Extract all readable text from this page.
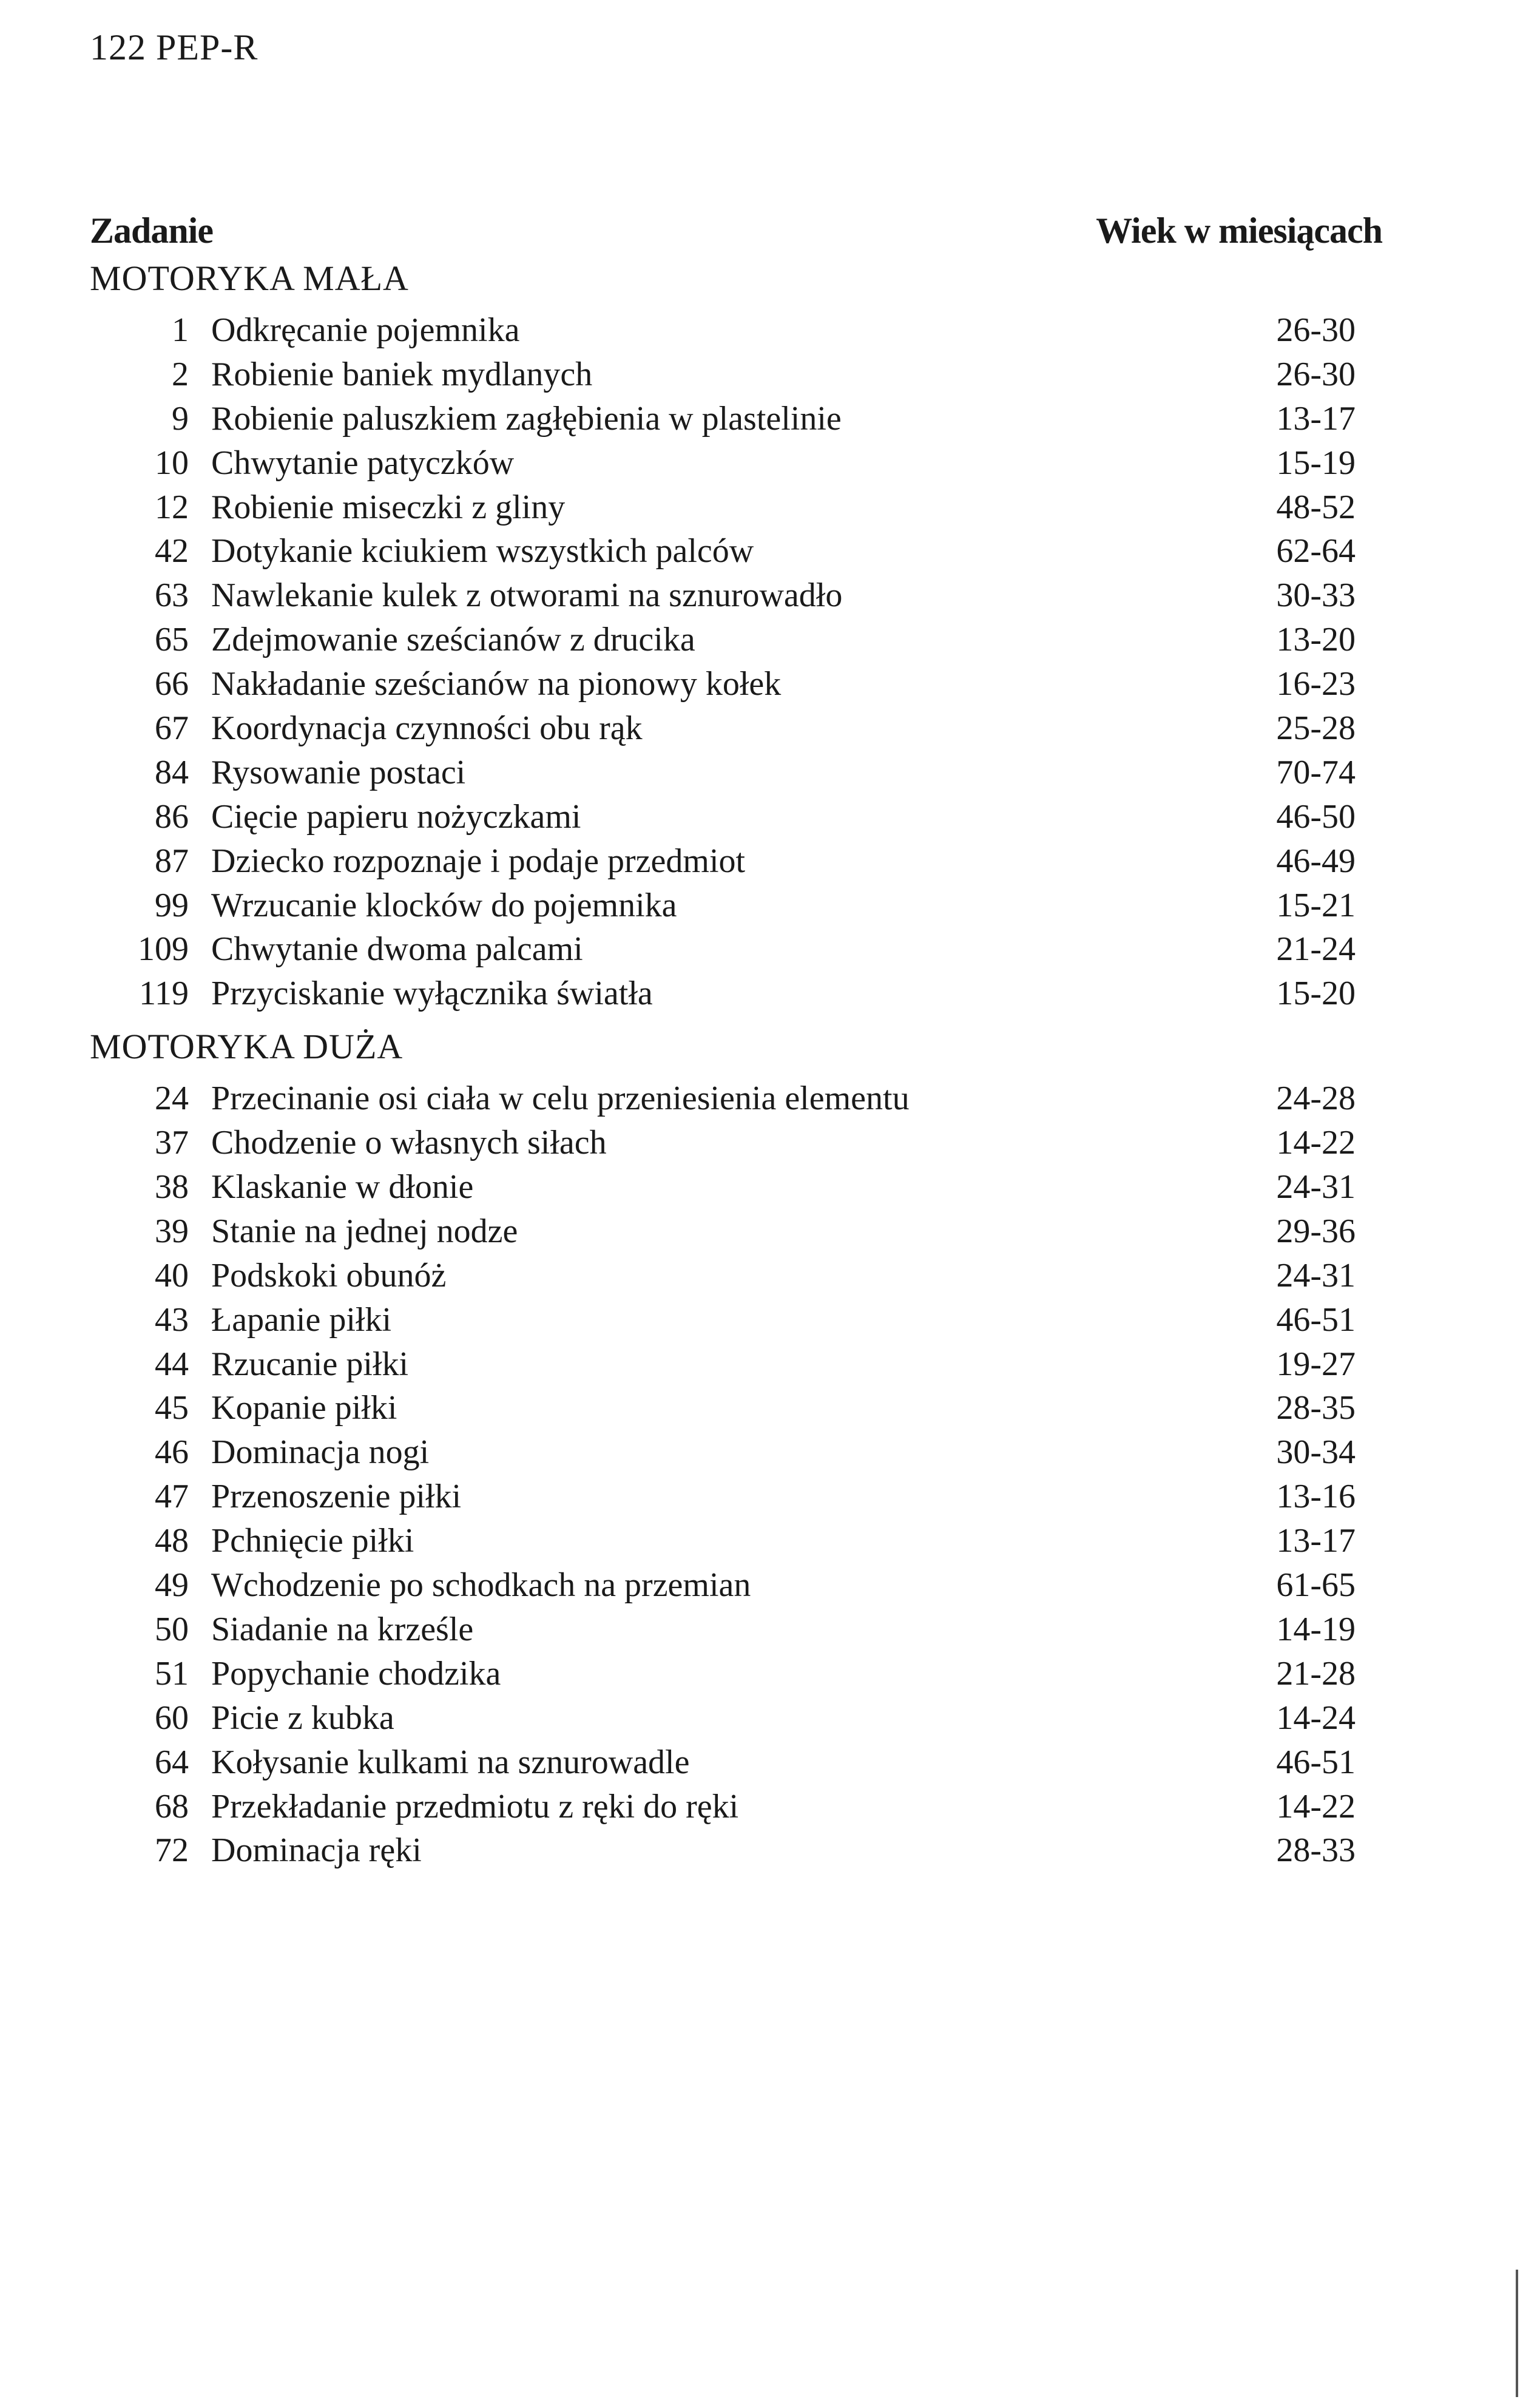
122 PEP-R
Zadanie	Wiek w miesiącach
MOTORYKA MAŁA
1 Odkręcanie pojemnika	26-30
2 Robienie baniek mydlanych	26-30
9 Robienie paluszkiem zagłębienia w plastelinie	13-17
10 Chwytanie patyczków	15-19
12 Robienie miseczki z gliny	48-52
42 Dotykanie kciukiem wszystkich palców	62-64
63 Nawlekanie kulek z otworami na sznurowadło	30-33
65 Zdejmowanie sześcianów z drucika	13-20
66 Nakładanie sześcianów na pionowy kołek	16-23
67 Koordynacja czynności obu rąk	25-28
84 Rysowanie postaci	70-74
86 Cięcie papieru nożyczkami	46-50
87 Dziecko rozpoznaje i podaje przedmiot	46-49
99 Wrzucanie klocków do pojemnika	15-21
109 Chwytanie dwoma palcami	21-24
119 Przyciskanie wyłącznika światła	15-20
MOTORYKA DUŻA
24 Przecinanie osi ciała w celu przeniesienia elementu	24-28
37 Chodzenie o własnych siłach	14-22
38 Klaskanie w dłonie	24-31
39 Stanie na jednej nodze	29-36
40 Podskoki obunóż	24-31
43 Łapanie piłki	46-51
44 Rzucanie piłki	19-27
45 Kopanie piłki	28-35
46 Dominacja nogi	30-34
47 Przenoszenie piłki	13-16
48 Pchnięcie piłki	13-17
49 Wchodzenie po schodkach na przemian	61-65
50 Siadanie na krześle	14-19
51 Popychanie chodzika	21-28
60 Picie z kubka	14-24
64 Kołysanie kulkami na sznurowadle	46-51
68 Przekładanie przedmiotu z ręki do ręki	14-22
72 Dominacja ręki	28-33
